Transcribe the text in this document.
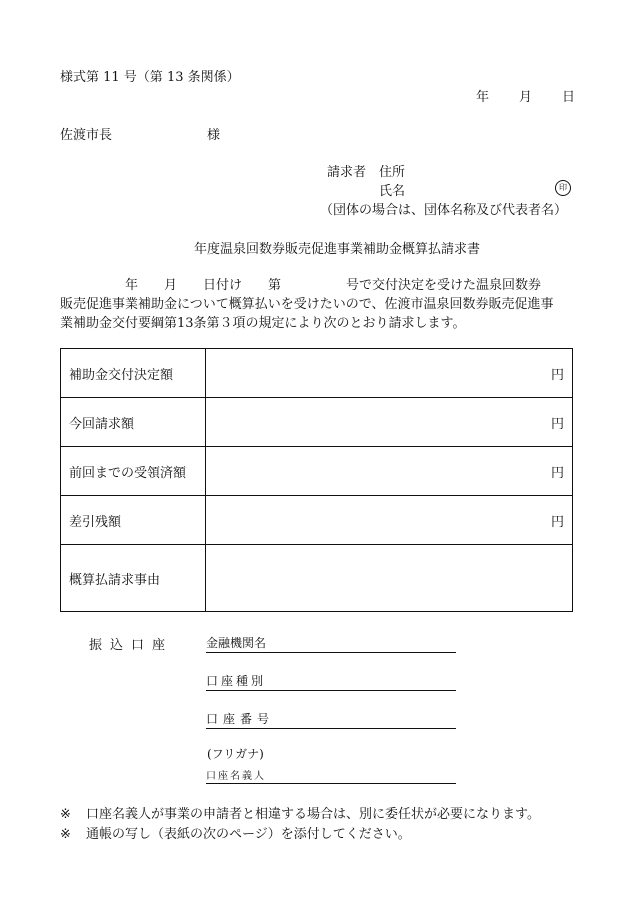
様式第 11 号（第 13 条関係）
年 月 日
佐渡市長	様
請求者　住所
氏名	印
（団体の場合は、団体名称及び代表者名）
年度温泉回数券販売促進事業補助金概算払請求書
　　　　　年　　月　　日付け　　第　　　　　号で交付決定を受けた温泉回数券
販売促進事業補助金について概算払いを受けたいので、佐渡市温泉回数券販売促進事
業補助金交付要綱第13条第３項の規定により次のとおり請求します。
補助金交付決定額	円
今回請求額	円
前回までの受領済額	円
差引残額	円
概算払請求事由	
振込口座	金融機関名
口座種別
口座番号
(フリガナ)
口座名義人
※ 口座名義人が事業の申請者と相違する場合は、別に委任状が必要になります。
※ 通帳の写し（表紙の次のページ）を添付してください。
